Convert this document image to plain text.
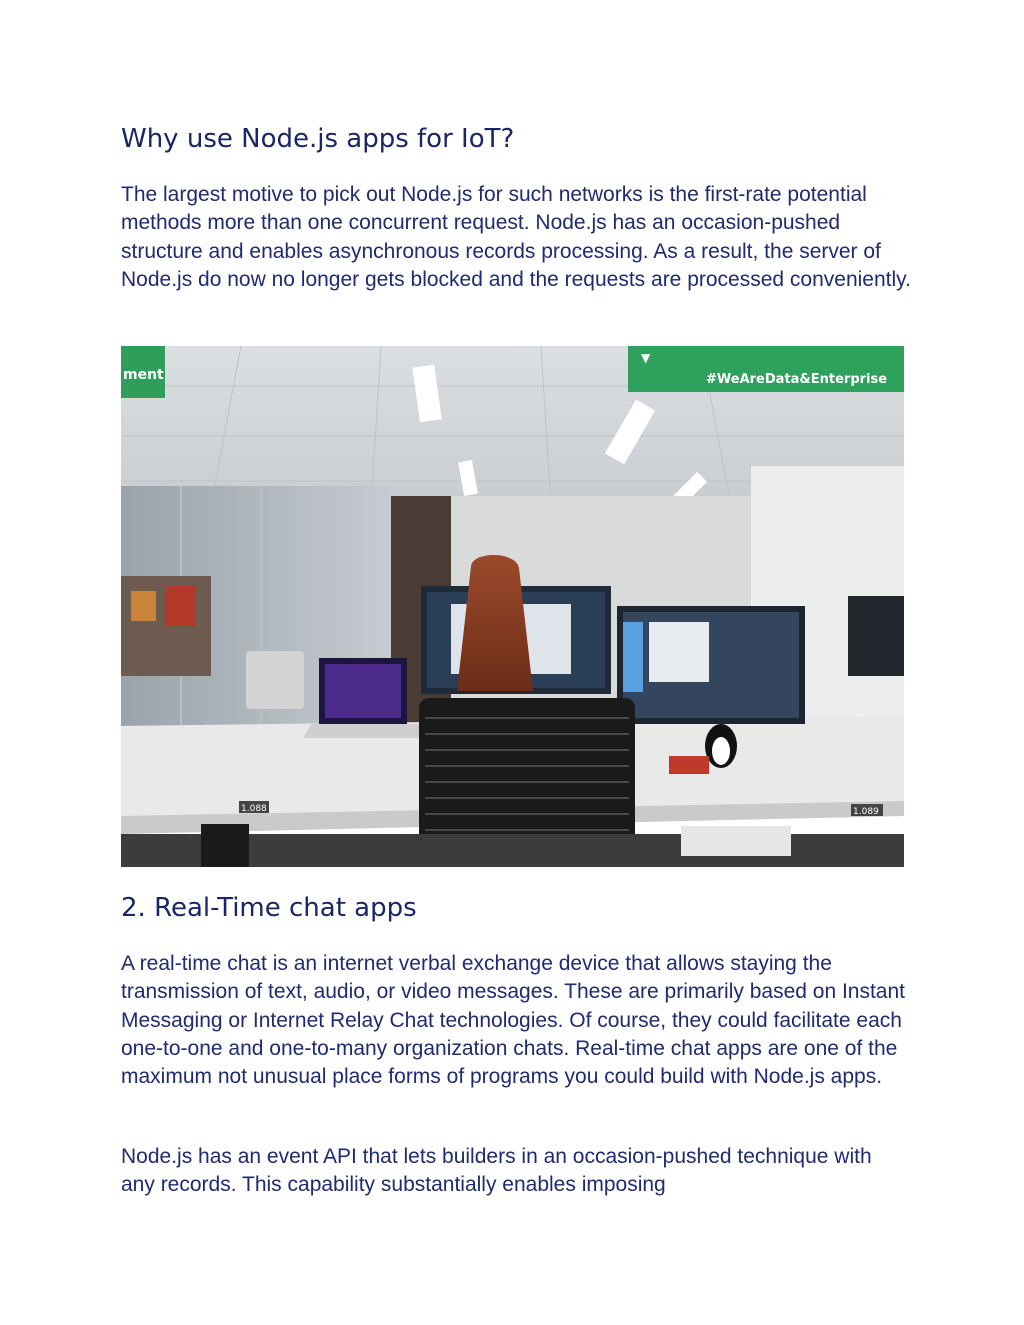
Why use Node.js apps for IoT?

The largest motive to pick out Node.js for such networks is the first-rate potential methods more than one concurrent request. Node.js has an occasion-pushed structure and enables asynchronous records processing. As a result, the server of Node.js do now no longer gets blocked and the requests are processed conveniently.

ment
▼
#WeAreData&Enterprise
1.088	1.089
2. Real-Time chat apps

A real-time chat is an internet verbal exchange device that allows staying the transmission of text, audio, or video messages. These are primarily based on Instant Messaging or Internet Relay Chat technologies. Of course, they could facilitate each one-to-one and one-to-many organization chats. Real-time chat apps are one of the maximum not unusual place forms of programs you could build with Node.js apps.

Node.js has an event API that lets builders in an occasion-pushed technique with any records. This capability substantially enables imposing
